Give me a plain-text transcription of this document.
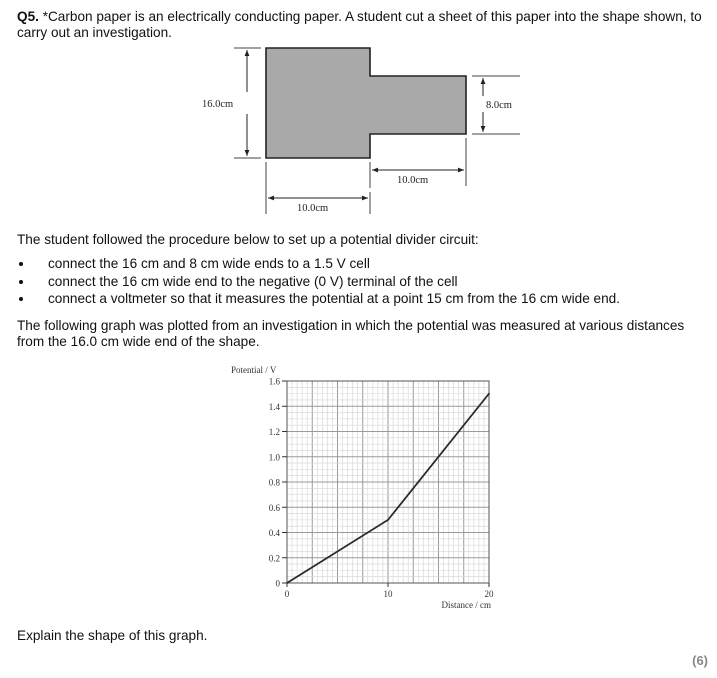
Q5. *Carbon paper is an electrically conducting paper. A student cut a sheet of this paper into the shape shown, to carry out an investigation.
16.0cm	8.0cm
10.0cm
10.0cm
The student followed the procedure below to set up a potential divider circuit:
connect the 16 cm and 8 cm wide ends to a 1.5 V cell
connect the 16 cm wide end to the negative (0 V) terminal of the cell
connect a voltmeter so that it measures the potential at a point 15 cm from the 16 cm wide end.
The following graph was plotted from an investigation in which the potential was measured at various distances from the 16.0 cm wide end of the shape.
0
0.2
0.4
0.6
0.8
1.0
1.2
1.4
1.6
0	10	20
Potential / V
Distance / cm
Explain the shape of this graph.
(6)
